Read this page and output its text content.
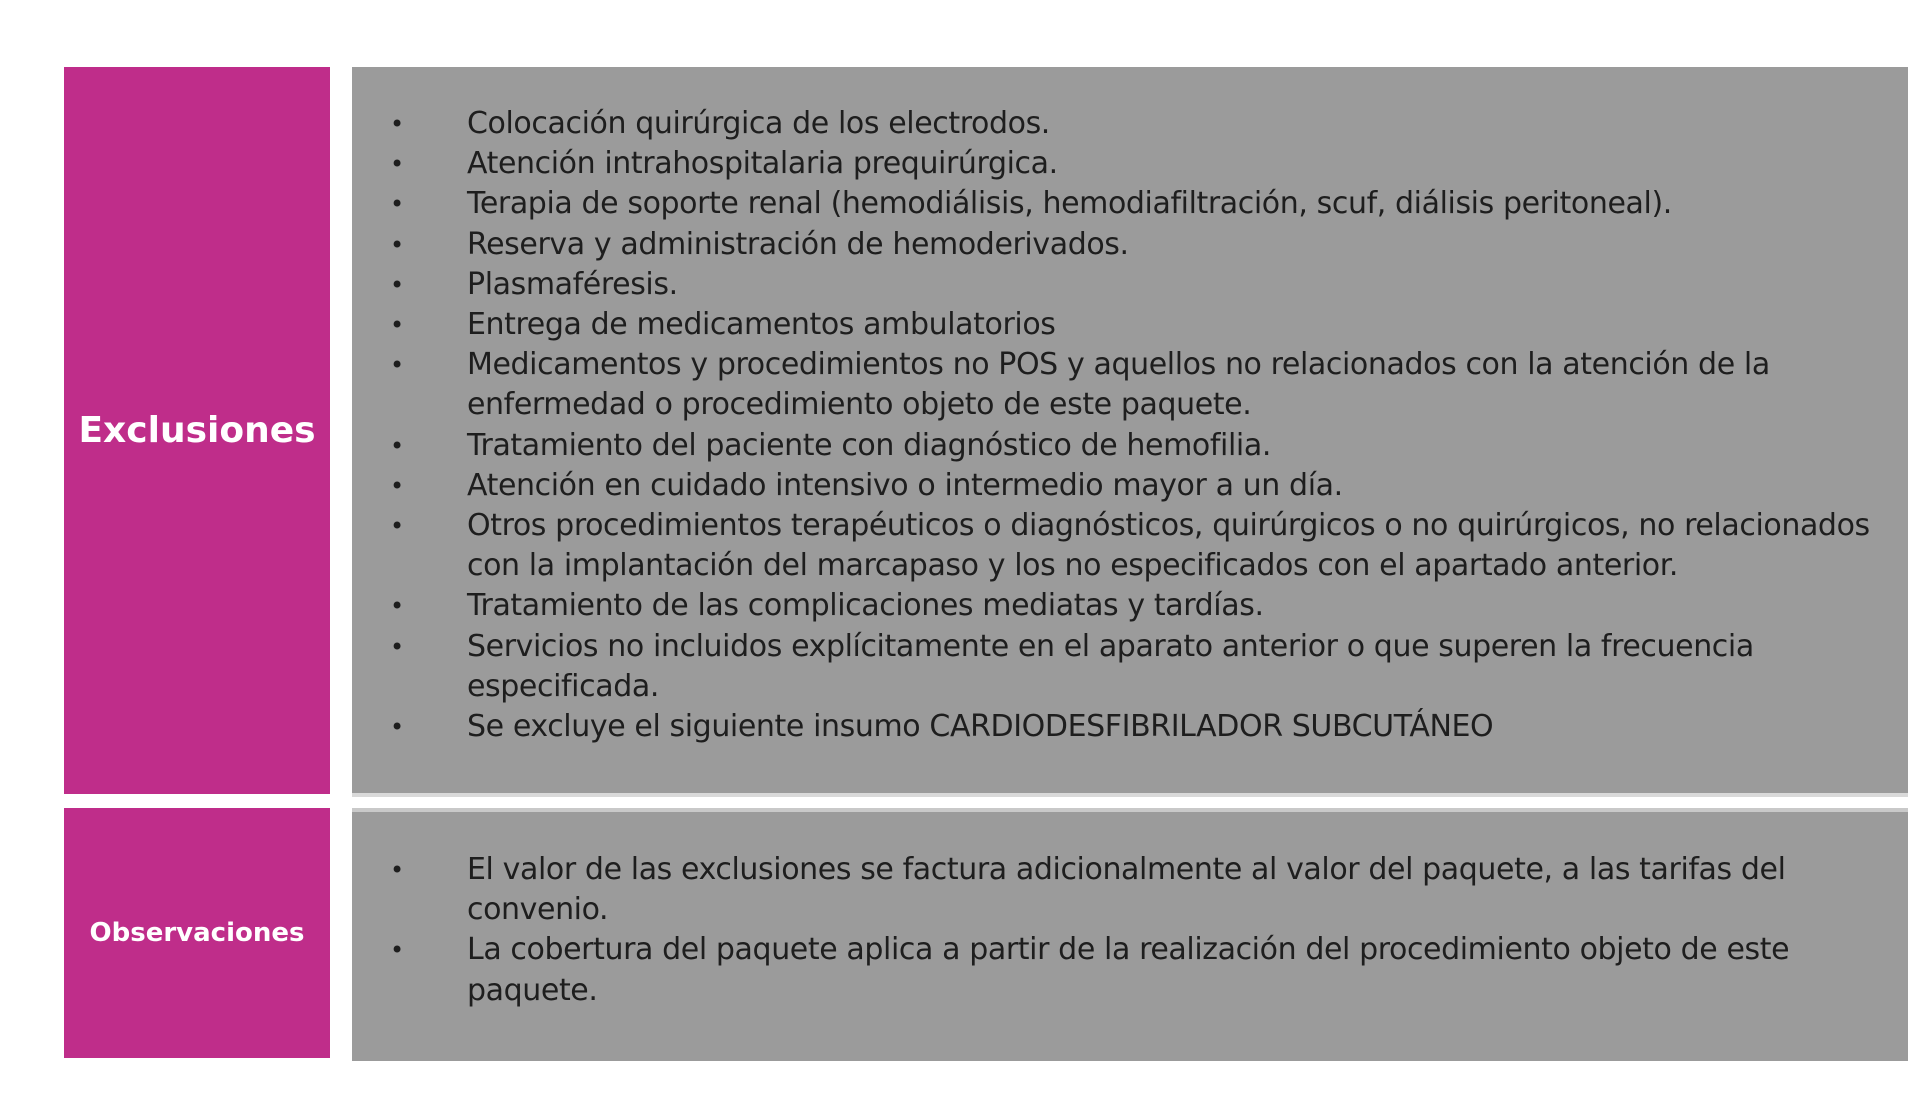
Exclusiones
• Colocación quirúrgica de los electrodos.
• Atención intrahospitalaria prequirúrgica.
• Terapia de soporte renal (hemodiálisis, hemodiafiltración, scuf, diálisis peritoneal).
• Reserva y administración de hemoderivados.
• Plasmaféresis.
• Entrega de medicamentos ambulatorios
• Medicamentos y procedimientos no POS y aquellos no relacionados con la atención de la enfermedad o procedimiento objeto de este paquete.
• Tratamiento del paciente con diagnóstico de hemofilia.
• Atención en cuidado intensivo o intermedio mayor a un día.
• Otros procedimientos terapéuticos o diagnósticos, quirúrgicos o no quirúrgicos, no relacionados con la implantación del marcapaso y los no especificados con el apartado anterior.
• Tratamiento de las complicaciones mediatas y tardías.
• Servicios no incluidos explícitamente en el aparato anterior o que superen la frecuencia especificada.
• Se excluye el siguiente insumo CARDIODESFIBRILADOR SUBCUTÁNEO
Observaciones
• El valor de las exclusiones se factura adicionalmente al valor del paquete, a las tarifas del convenio.
• La cobertura del paquete aplica a partir de la realización del procedimiento objeto de este paquete.
